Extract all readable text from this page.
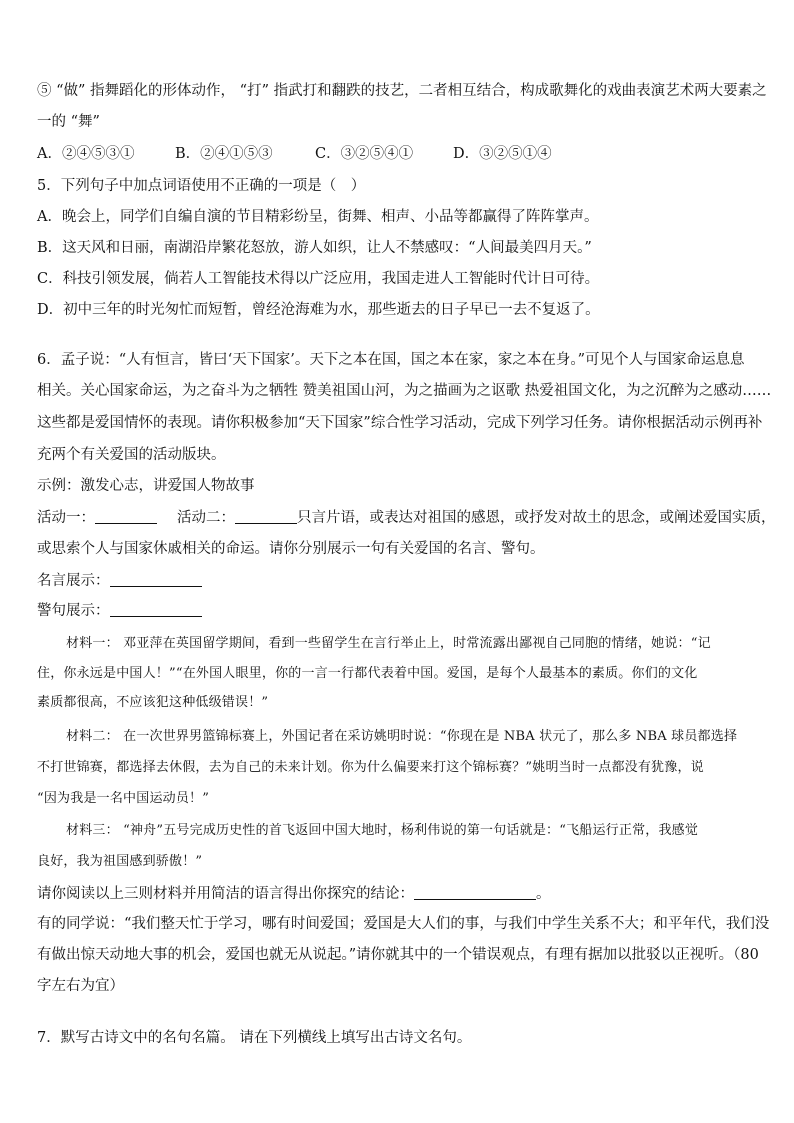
⑤ “做” 指舞蹈化的形体动作， “打” 指武打和翻跌的技艺，二者相互结合，构成歌舞化的戏曲表演艺术两大要素之
一的 “舞”
A．②④⑤③①	B．②④①⑤③	C．③②⑤④①	D．③②⑤①④
5．下列句子中加点词语使用不正确的一项是（　）
A．晚会上，同学们自编自演的节目精彩纷呈，街舞、相声、小品等都赢得了阵阵掌声。
B．这天风和日丽，南湖沿岸繁花怒放，游人如织，让人不禁感叹：“人间最美四月天。”
C．科技引领发展，倘若人工智能技术得以广泛应用，我国走进人工智能时代计日可待。
D．初中三年的时光匆忙而短暂，曾经沧海难为水，那些逝去的日子早已一去不复返了。
6．孟子说：“人有恒言，皆曰‘天下国家’。天下之本在国，国之本在家，家之本在身。”可见个人与国家命运息息
相关。关心国家命运，为之奋斗为之牺牲 赞美祖国山河，为之描画为之讴歌 热爱祖国文化，为之沉醉为之感动……
这些都是爱国情怀的表现。请你积极参加“天下国家”综合性学习活动，完成下列学习任务。请你根据活动示例再补
充两个有关爱国的活动版块。
示例：激发心志，讲爱国人物故事
活动一：	活动二：	只言片语，或表达对祖国的感恩，或抒发对故土的思念，或阐述爱国实质，
或思索个人与国家休戚相关的命运。请你分别展示一句有关爱国的名言、警句。
名言展示：
警句展示：
材料一： 邓亚萍在英国留学期间，看到一些留学生在言行举止上，时常流露出鄙视自己同胞的情绪，她说：“记
住，你永远是中国人！”“在外国人眼里，你的一言一行都代表着中国。爱国，是每个人最基本的素质。你们的文化
素质都很高，不应该犯这种低级错误！”
材料二： 在一次世界男篮锦标赛上，外国记者在采访姚明时说：“你现在是 NBA 状元了，那么多 NBA 球员都选择
不打世锦赛，都选择去休假，去为自己的未来计划。你为什么偏要来打这个锦标赛？”姚明当时一点都没有犹豫，说
“因为我是一名中国运动员！”
材料三： “神舟”五号完成历史性的首飞返回中国大地时，杨利伟说的第一句话就是：“飞船运行正常，我感觉
良好，我为祖国感到骄傲！”
请你阅读以上三则材料并用简洁的语言得出你探究的结论：	。
有的同学说：“我们整天忙于学习，哪有时间爱国；爱国是大人们的事，与我们中学生关系不大；和平年代，我们没
有做出惊天动地大事的机会，爱国也就无从说起。”请你就其中的一个错误观点，有理有据加以批驳以正视听。（80
字左右为宜）
7．默写古诗文中的名句名篇。 请在下列横线上填写出古诗文名句。
